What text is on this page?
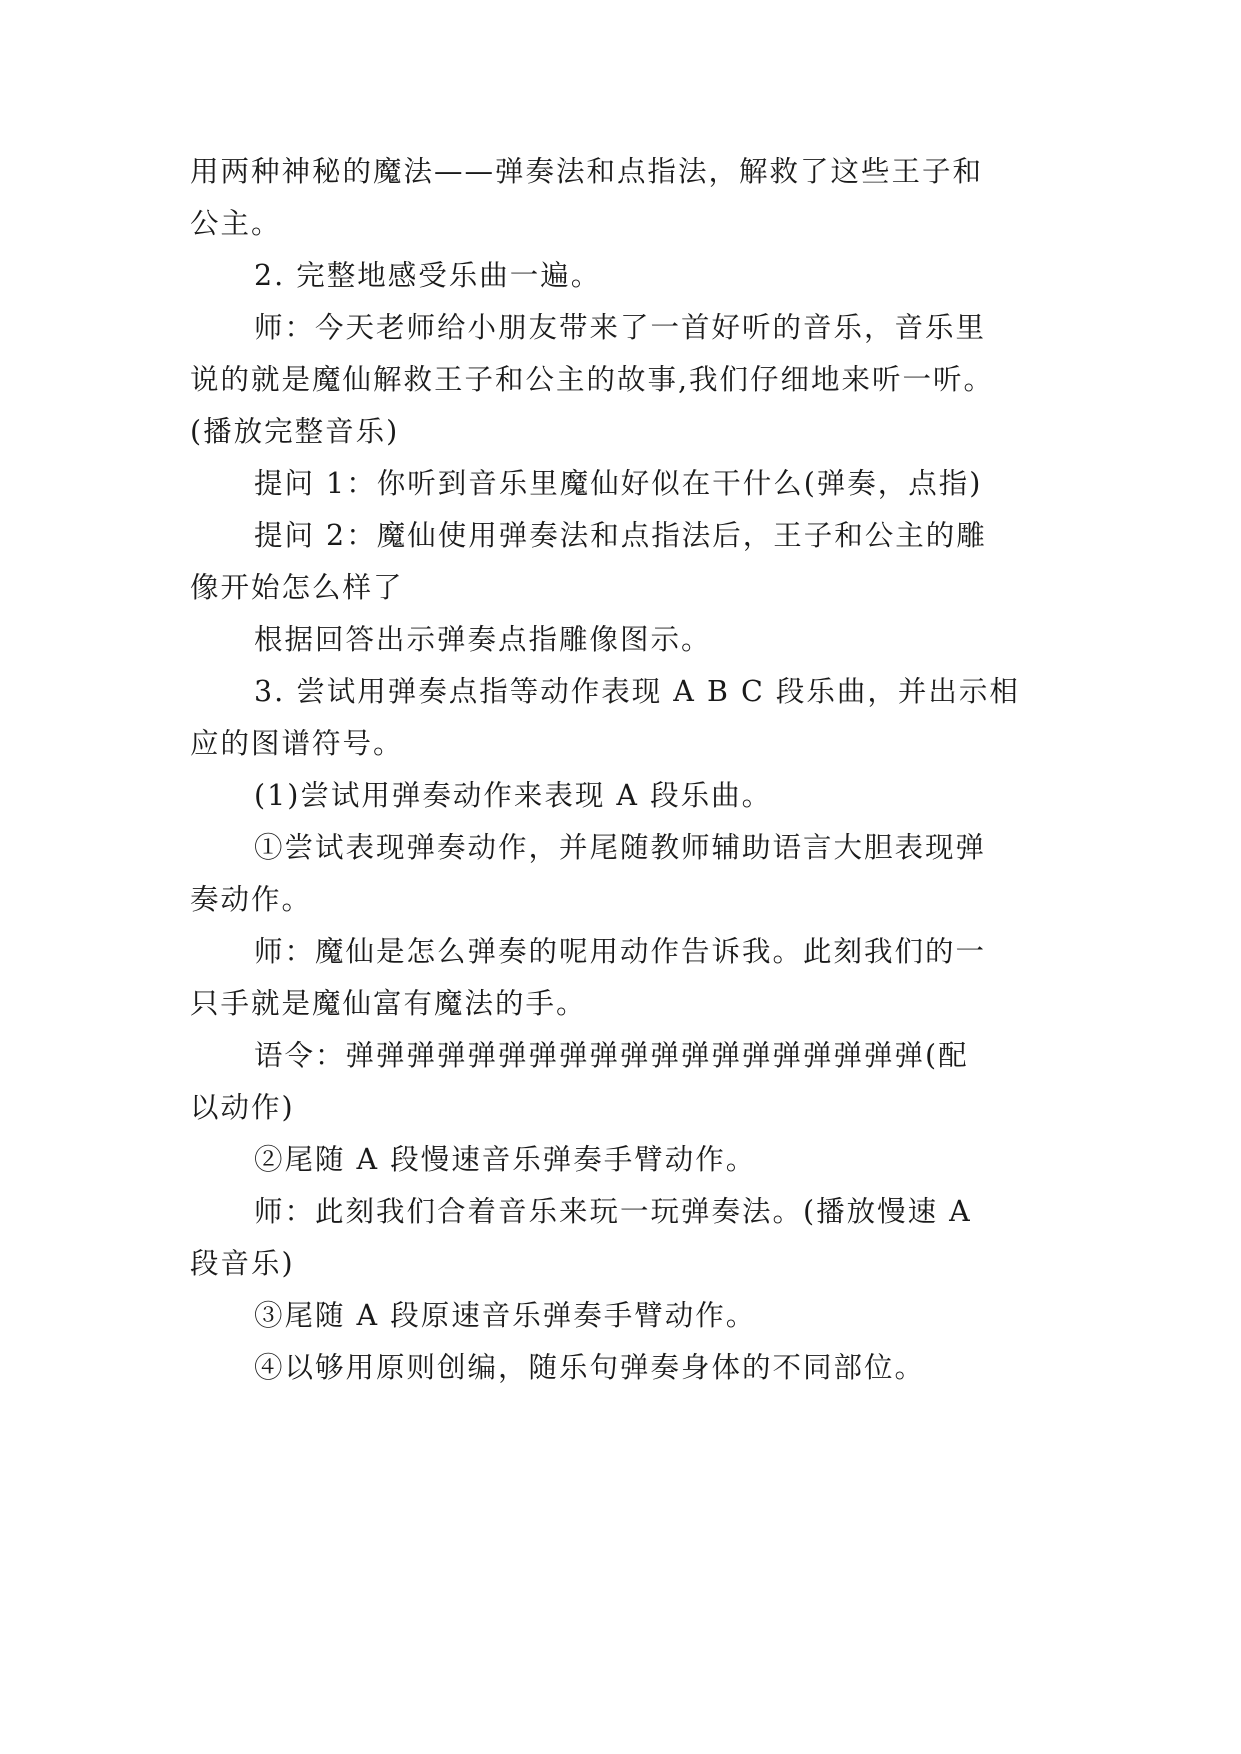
用两种神秘的魔法——弹奏法和点指法，解救了这些王子和
公主。
2. 完整地感受乐曲一遍。
师：今天老师给小朋友带来了一首好听的音乐，音乐里
说的就是魔仙解救王子和公主的故事,我们仔细地来听一听。
(播放完整音乐)
提问 1：你听到音乐里魔仙好似在干什么(弹奏，点指)
提问 2：魔仙使用弹奏法和点指法后，王子和公主的雕
像开始怎么样了
根据回答出示弹奏点指雕像图示。
3. 尝试用弹奏点指等动作表现 A B C 段乐曲，并出示相
应的图谱符号。
(1)尝试用弹奏动作来表现 A 段乐曲。
①尝试表现弹奏动作，并尾随教师辅助语言大胆表现弹
奏动作。
师：魔仙是怎么弹奏的呢用动作告诉我。此刻我们的一
只手就是魔仙富有魔法的手。
语令：弹弹弹弹弹弹弹弹弹弹弹弹弹弹弹弹弹弹弹(配
以动作)
②尾随 A 段慢速音乐弹奏手臂动作。
师：此刻我们合着音乐来玩一玩弹奏法。(播放慢速 A
段音乐)
③尾随 A 段原速音乐弹奏手臂动作。
④以够用原则创编，随乐句弹奏身体的不同部位。
